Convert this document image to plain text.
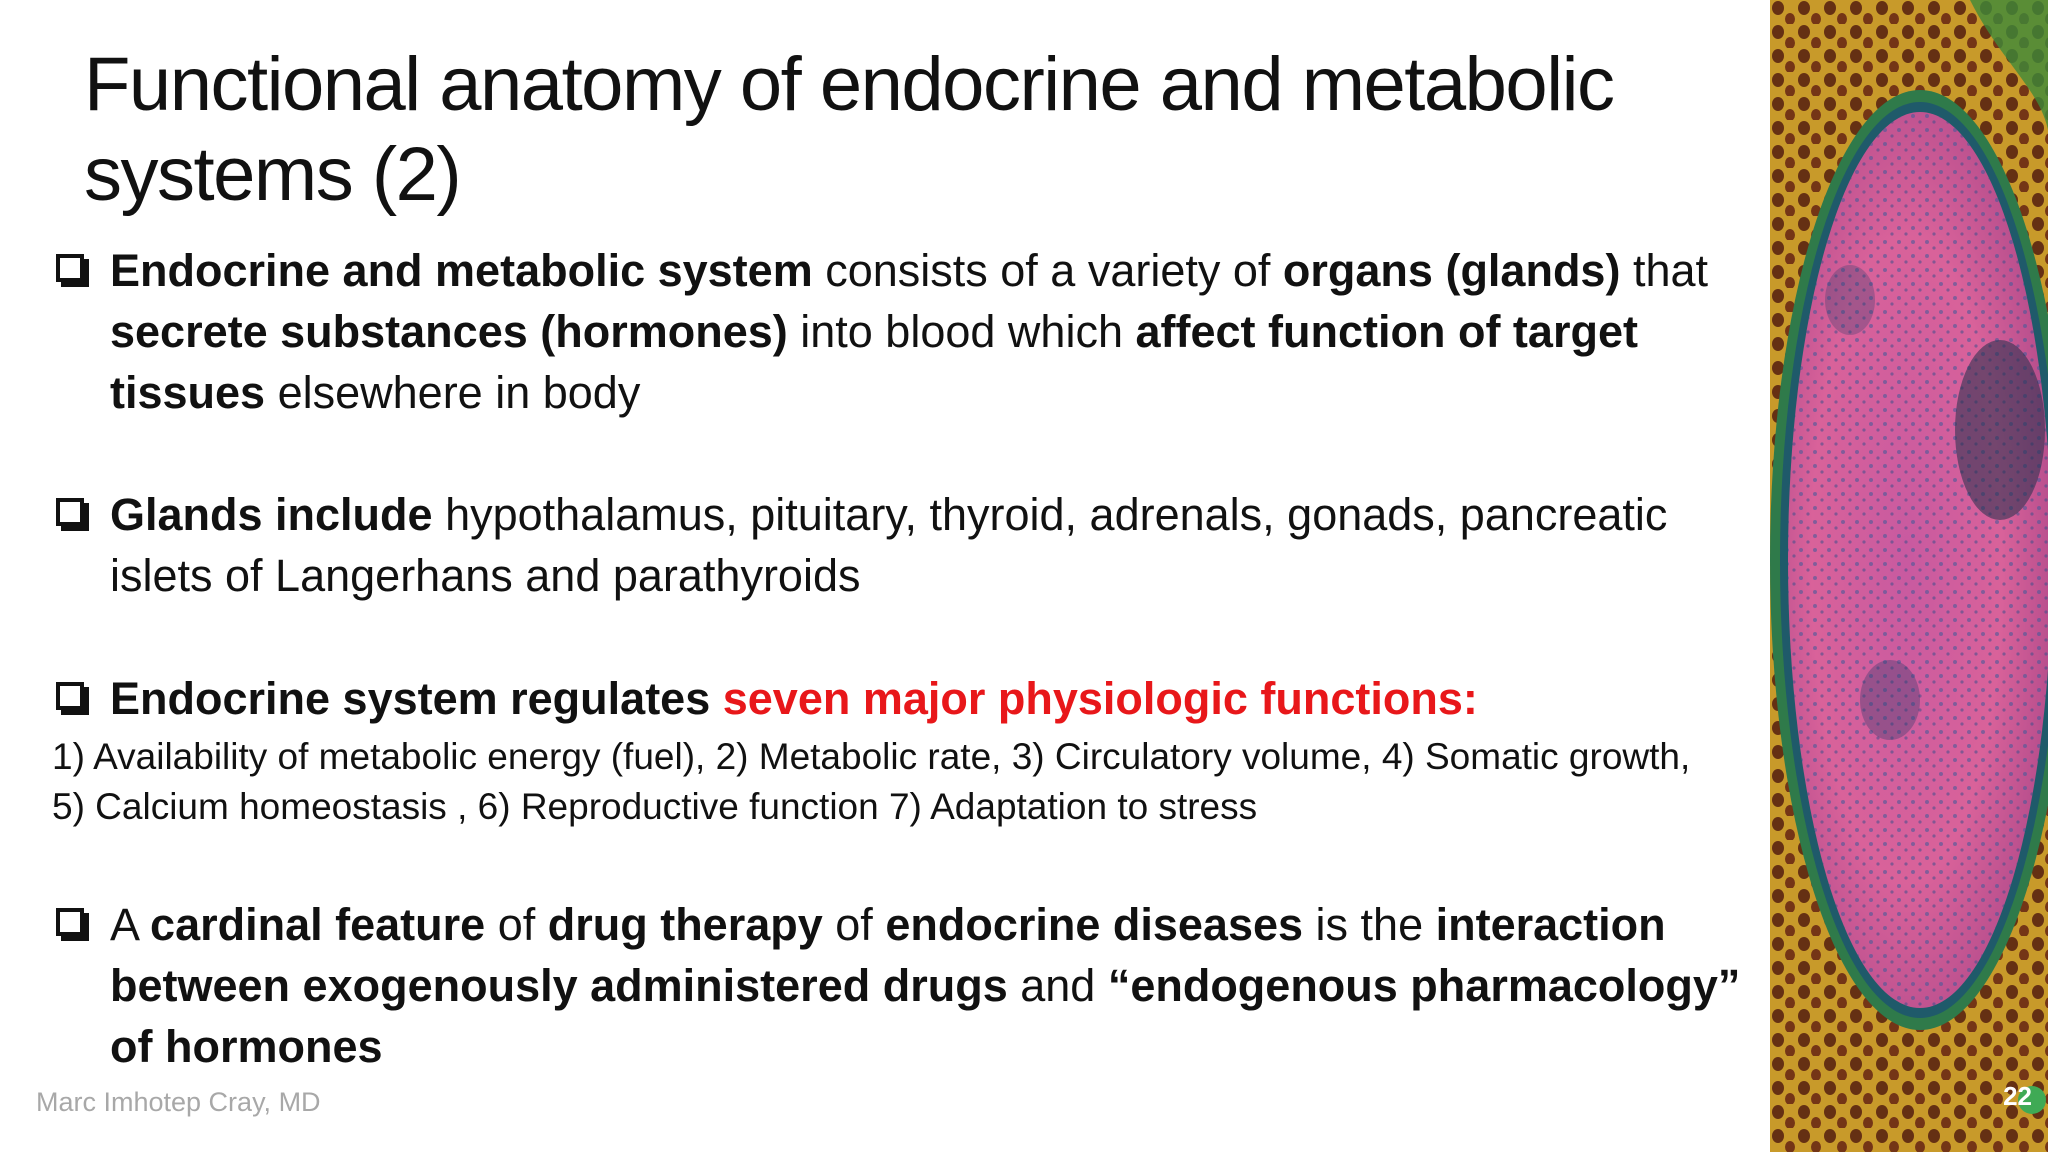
Functional anatomy of endocrine and metabolic systems (2)
Endocrine and metabolic system consists of a variety of organs (glands) that secrete substances (hormones) into blood which affect function of target tissues elsewhere in body
Glands include hypothalamus, pituitary, thyroid, adrenals, gonads, pancreatic islets of Langerhans and parathyroids
Endocrine system regulates seven major physiologic functions:
1) Availability of metabolic energy (fuel), 2) Metabolic rate, 3) Circulatory volume, 4) Somatic growth, 5) Calcium homeostasis , 6) Reproductive function 7) Adaptation to stress
A cardinal feature of drug therapy of endocrine diseases is the interaction between exogenously administered drugs and “endogenous pharmacology” of hormones
Marc Imhotep Cray, MD	22
